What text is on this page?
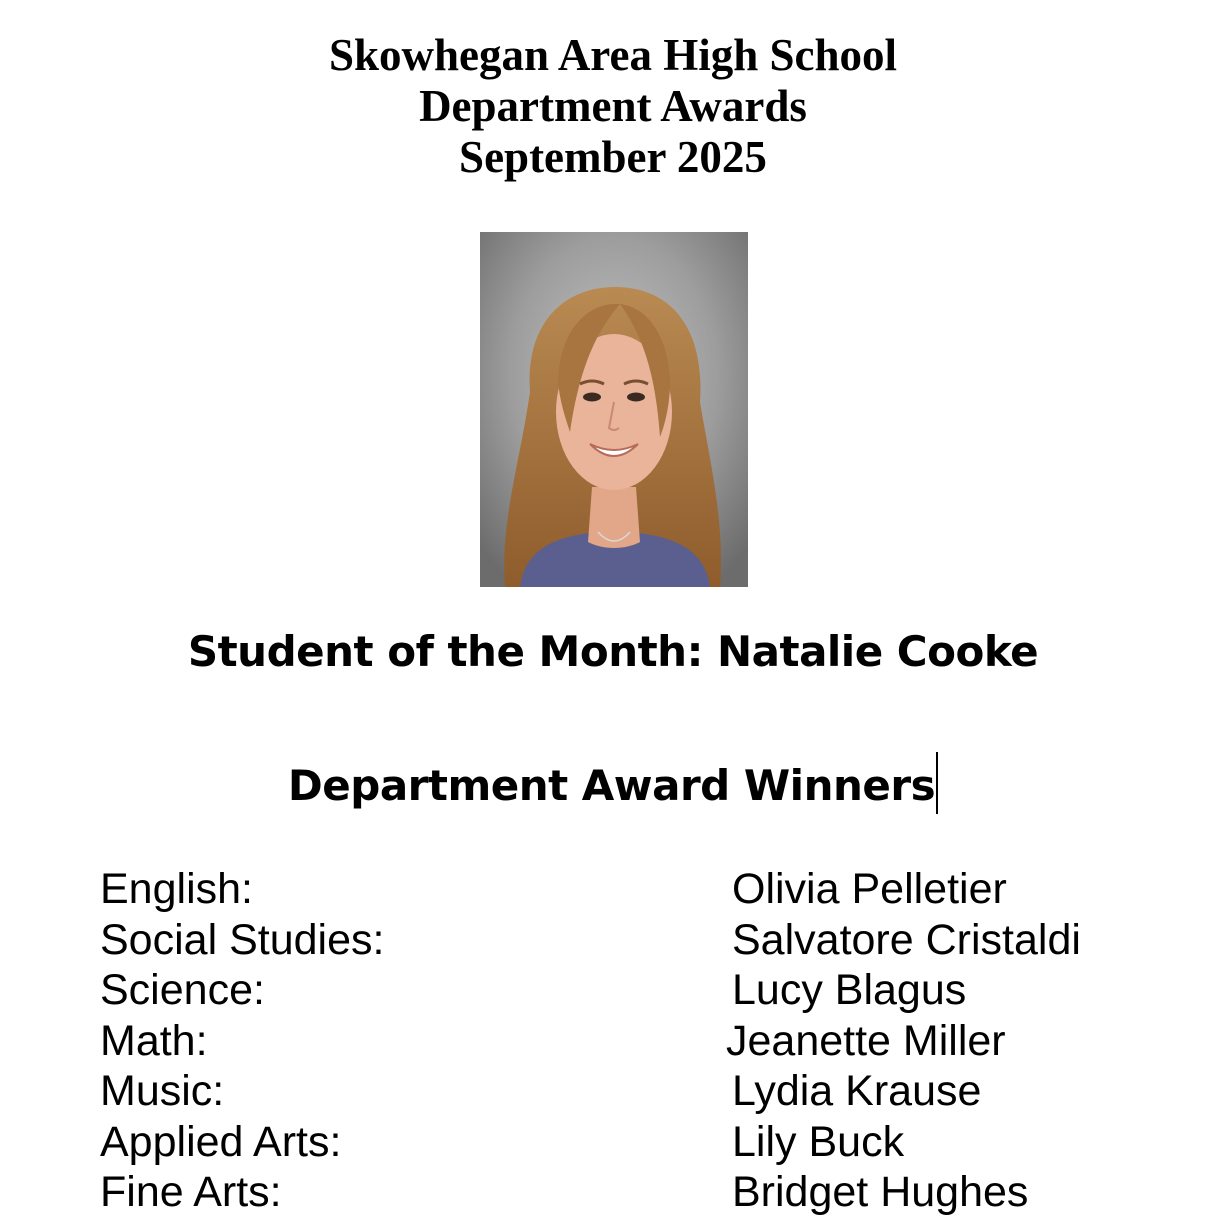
Skowhegan Area High School
Department Awards
September 2025
Student of the Month: Natalie Cooke
Department Award Winners
English:	Olivia Pelletier
Social Studies:	Salvatore Cristaldi
Science:	Lucy Blagus
Math:	Jeanette Miller
Music:	Lydia Krause
Applied Arts:	Lily Buck
Fine Arts:	Bridget Hughes
